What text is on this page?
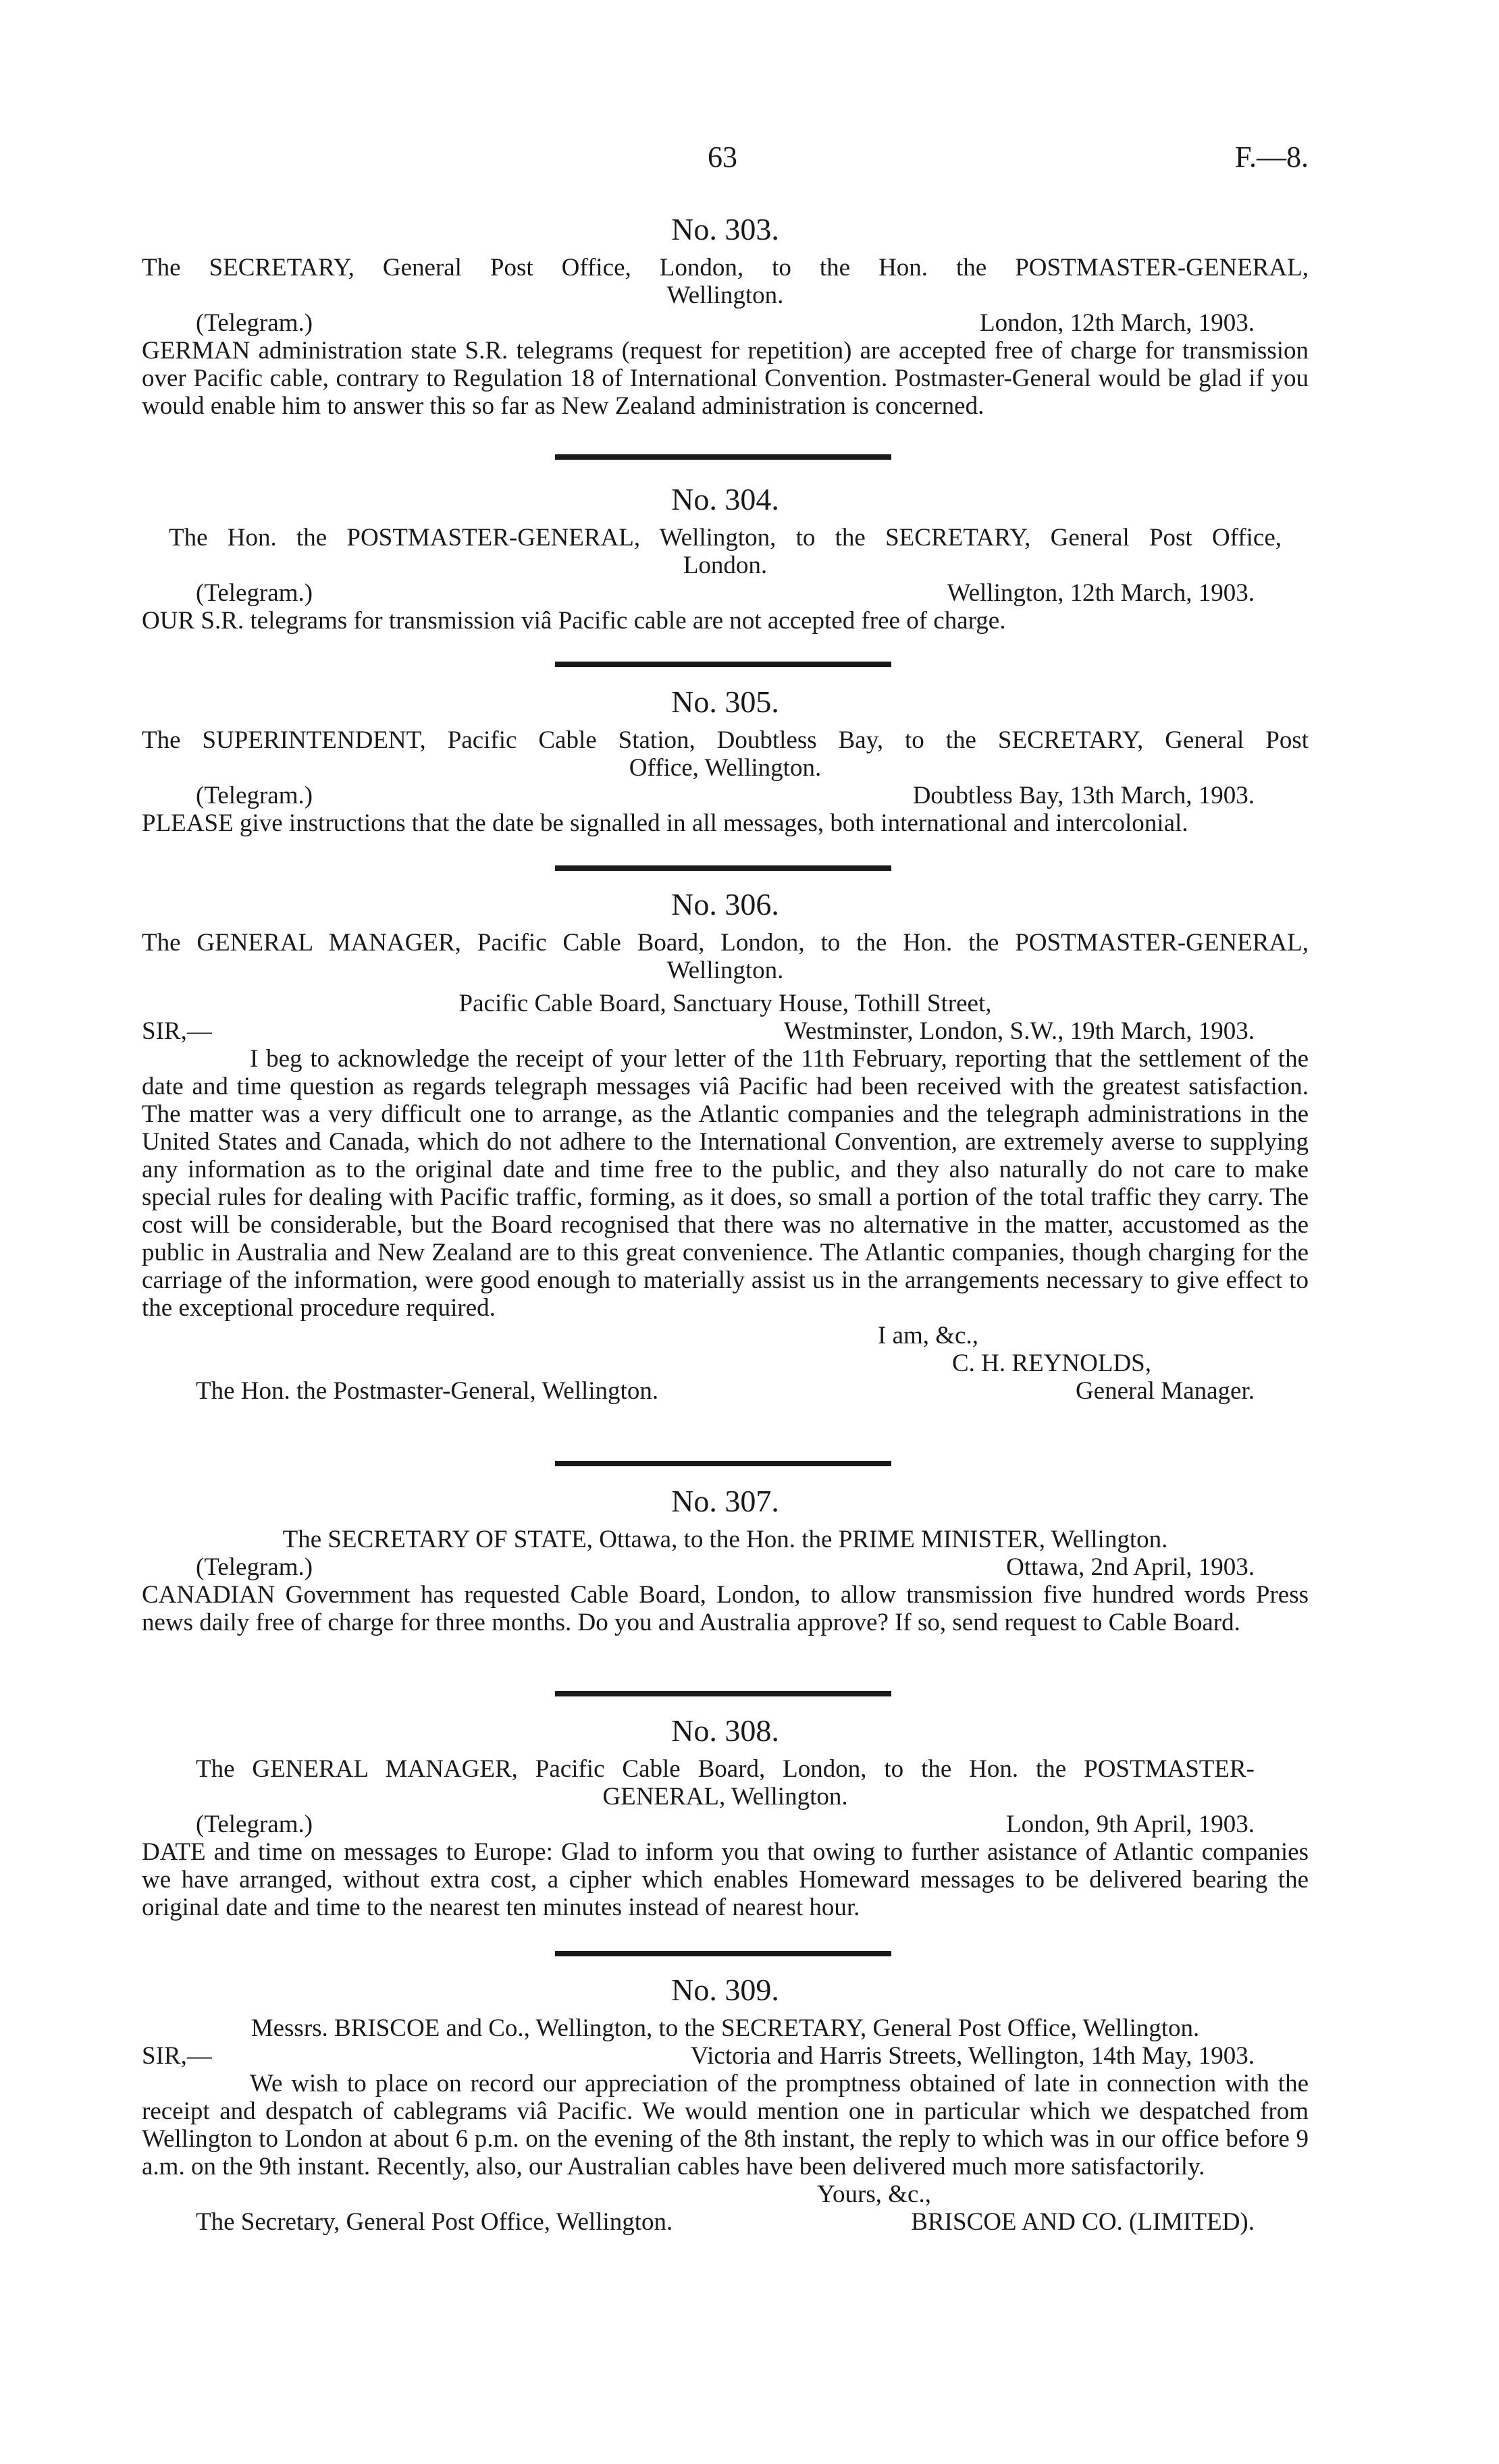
63	F.—8.
No. 303.
The SECRETARY, General Post Office, London, to the Hon. the POSTMASTER-GENERAL,
Wellington.
(Telegram.)	London, 12th March, 1903.
GERMAN administration state S.R. telegrams (request for repetition) are accepted free of charge for transmission over Pacific cable, contrary to Regulation 18 of International Convention. Postmaster-General would be glad if you would enable him to answer this so far as New Zealand administration is concerned.
No. 304.
The Hon. the POSTMASTER-GENERAL, Wellington, to the SECRETARY, General Post Office,
London.
(Telegram.)	Wellington, 12th March, 1903.
OUR S.R. telegrams for transmission viâ Pacific cable are not accepted free of charge.
No. 305.
The SUPERINTENDENT, Pacific Cable Station, Doubtless Bay, to the SECRETARY, General Post
Office, Wellington.
(Telegram.)	Doubtless Bay, 13th March, 1903.
PLEASE give instructions that the date be signalled in all messages, both international and intercolonial.
No. 306.
The GENERAL MANAGER, Pacific Cable Board, London, to the Hon. the POSTMASTER-GENERAL,
Wellington.
Pacific Cable Board, Sanctuary House, Tothill Street,
SIR,—	Westminster, London, S.W., 19th March, 1903.
I beg to acknowledge the receipt of your letter of the 11th February, reporting that the settlement of the date and time question as regards telegraph messages viâ Pacific had been received with the greatest satisfaction. The matter was a very difficult one to arrange, as the Atlantic companies and the telegraph administrations in the United States and Canada, which do not adhere to the International Convention, are extremely averse to supplying any information as to the original date and time free to the public, and they also naturally do not care to make special rules for dealing with Pacific traffic, forming, as it does, so small a portion of the total traffic they carry. The cost will be considerable, but the Board recognised that there was no alternative in the matter, accustomed as the public in Australia and New Zealand are to this great convenience. The Atlantic companies, though charging for the carriage of the information, were good enough to materially assist us in the arrangements necessary to give effect to the exceptional procedure required.
I am, &c.,
C. H. REYNOLDS,
The Hon. the Postmaster-General, Wellington.	General Manager.
No. 307.
The SECRETARY OF STATE, Ottawa, to the Hon. the PRIME MINISTER, Wellington.
(Telegram.)	Ottawa, 2nd April, 1903.
CANADIAN Government has requested Cable Board, London, to allow transmission five hundred words Press news daily free of charge for three months. Do you and Australia approve? If so, send request to Cable Board.
No. 308.
The GENERAL MANAGER, Pacific Cable Board, London, to the Hon. the POSTMASTER-
GENERAL, Wellington.
(Telegram.)	London, 9th April, 1903.
DATE and time on messages to Europe: Glad to inform you that owing to further asistance of Atlantic companies we have arranged, without extra cost, a cipher which enables Homeward messages to be delivered bearing the original date and time to the nearest ten minutes instead of nearest hour.
No. 309.
Messrs. BRISCOE and Co., Wellington, to the SECRETARY, General Post Office, Wellington.
SIR,—	Victoria and Harris Streets, Wellington, 14th May, 1903.
We wish to place on record our appreciation of the promptness obtained of late in connection with the receipt and despatch of cablegrams viâ Pacific. We would mention one in particular which we despatched from Wellington to London at about 6 p.m. on the evening of the 8th instant, the reply to which was in our office before 9 a.m. on the 9th instant. Recently, also, our Australian cables have been delivered much more satisfactorily.
Yours, &c.,
The Secretary, General Post Office, Wellington.	BRISCOE AND CO. (LIMITED).
